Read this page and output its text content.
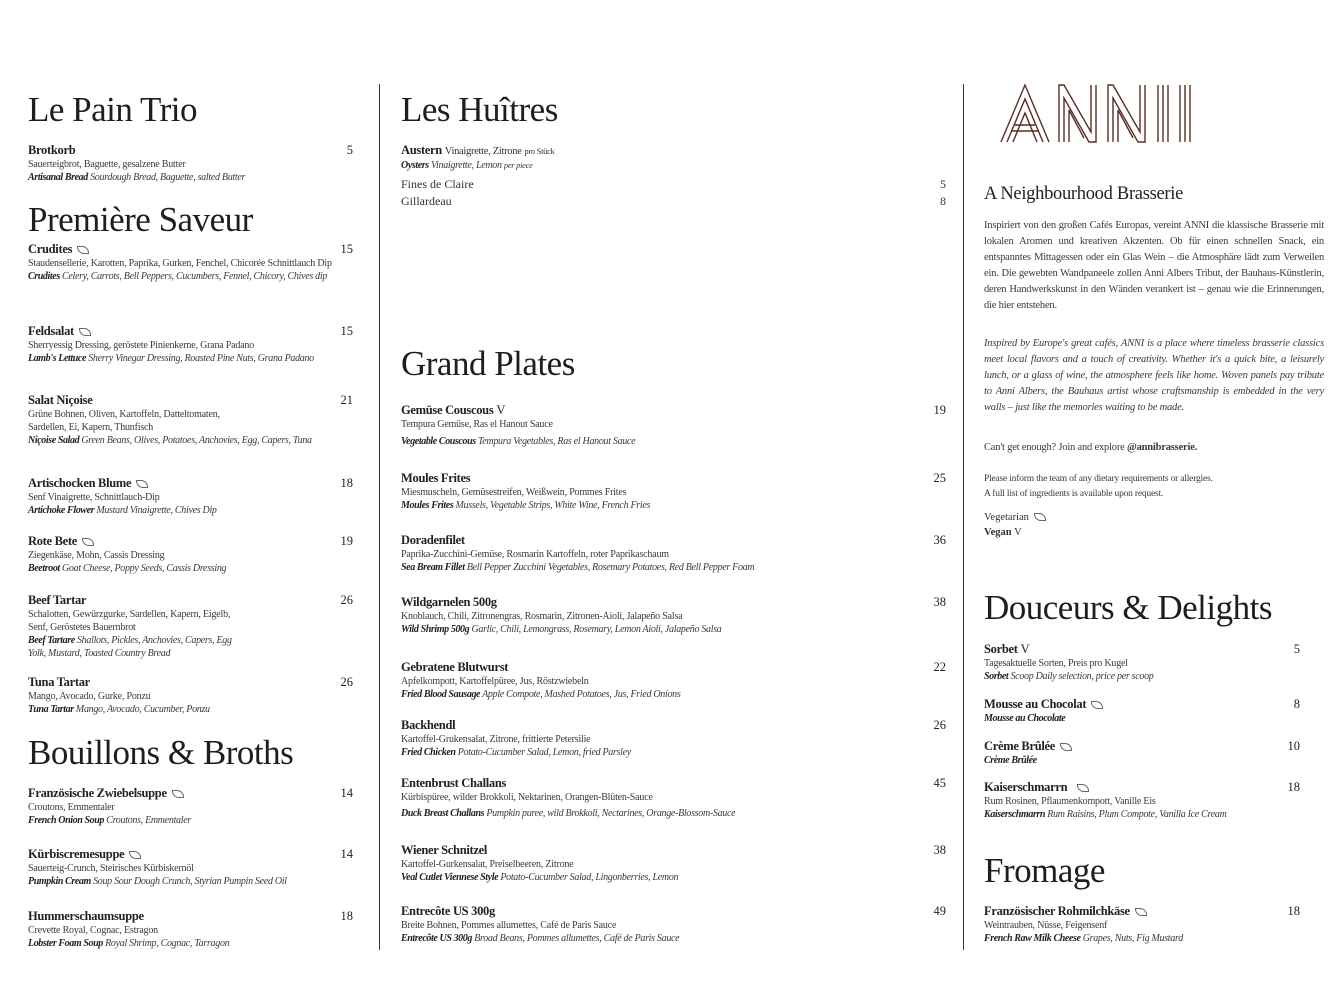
Le Pain Trio
Brotkorb	5
Sauerteigbrot, Baguette, gesalzene Butter
Artisanal Bread Sourdough Bread, Baguette, salted Butter
Première Saveur
Crudites	15
Staudensellerie, Karotten, Paprika, Gurken, Fenchel, Chicorée Schnittlauch Dip
Crudites Celery, Carrots, Bell Peppers, Cucumbers, Fennel, Chicory, Chives dip
Feldsalat	15
Sherryessig Dressing, geröstete Pinienkerne, Grana Padano
Lamb's Lettuce Sherry Vinegar Dressing, Roasted Pine Nuts, Grana Padano
Salat Niçoise	21
Grüne Bohnen, Oliven, Kartoffeln, Datteltomaten, Sardellen, Ei, Kapern, Thunfisch
Niçoise Salad Green Beans, Olives, Potatoes, Anchovies, Egg, Capers, Tuna
Artischocken Blume	18
Senf Vinaigrette, Schnittlauch-Dip
Artichoke Flower Mustard Vinaigrette, Chives Dip
Rote Bete	19
Ziegenkäse, Mohn, Cassis Dressing
Beetroot Goat Cheese, Poppy Seeds, Cassis Dressing
Beef Tartar	26
Schalotten, Gewürzgurke, Sardellen, Kapern, Eigelb, Senf, Geröstetes Bauernbrot
Beef Tartare Shallots, Pickles, Anchovies, Capers, Egg Yolk, Mustard, Toasted Country Bread
Tuna Tartar	26
Mango, Avocado, Gurke, Ponzu
Tuna Tartar Mango, Avocado, Cucumber, Ponzu
Bouillons & Broths
Französische Zwiebelsuppe	14
Croutons, Emmentaler
French Onion Soup Croutons, Emmentaler
Kürbiscremesuppe	14
Sauerteig-Crunch, Steirisches Kürbiskernöl
Pumpkin Cream Soup Sour Dough Crunch, Styrian Pumpin Seed Oil
Hummerschaumsuppe	18
Crevette Royal, Cognac, Estragon
Lobster Foam Soup Royal Shrimp, Cognac, Tarragon
Les Huîtres
Austern Vinaigrette, Zitrone pro Stück
Oysters Vinaigrette, Lemon per piece
Fines de Claire	5
Gillardeau	8
Grand Plates
Gemüse Couscous V	19
Tempura Gemüse, Ras el Hanout Sauce
Vegetable Couscous Tempura Vegetables, Ras el Hanout Sauce
Moules Frites	25
Miesmuscheln, Gemüsestreifen, Weißwein, Pommes Frites
Moules Frites Mussels, Vegetable Strips, White Wine, French Fries
Doradenfilet	36
Paprika-Zucchini-Gemüse, Rosmarin Kartoffeln, roter Paprikaschaum
Sea Bream Fillet Bell Pepper Zucchini Vegetables, Rosemary Potatoes, Red Bell Pepper Foam
Wildgarnelen 500g	38
Knoblauch, Chili, Zitronengras, Rosmarin, Zitronen-Aioli, Jalapeño Salsa
Wild Shrimp 500g Garlic, Chili, Lemongrass, Rosemary, Lemon Aioli, Jalapeño Salsa
Gebratene Blutwurst	22
Apfelkompott, Kartoffelpüree, Jus, Röstzwiebeln
Fried Blood Sausage Apple Compote, Mashed Potatoes, Jus, Fried Onions
Backhendl	26
Kartoffel-Grukensalat, Zitrone, frittierte Petersilie
Fried Chicken Potato-Cucumber Salad, Lemon, fried Parsley
Entenbrust Challans	45
Kürbispüree, wilder Brokkoli, Nektarinen, Orangen-Blüten-Sauce
Duck Breast Challans Pumpkin puree, wild Brokkoli, Nectarines, Orange-Blossom-Sauce
Wiener Schnitzel	38
Kartoffel-Gurkensalat, Preiselbeeren, Zitrone
Veal Cutlet Viennese Style Potato-Cucumber Salad, Lingonberries, Lemon
Entrecôte US 300g	49
Breite Bohnen, Pommes allumettes, Café de Paris Sauce
Entrecôte US 300g Broad Beans, Pommes allumettes, Café de Paris Sauce
A Neighbourhood Brasserie

Inspiriert von den großen Cafés Europas, vereint ANNI die klassische Brasserie mit lokalen Aromen und kreativen Akzenten. Ob für einen schnellen Snack, ein entspanntes Mittagessen oder ein Glas Wein – die Atmosphäre lädt zum Verweilen ein. Die gewebten Wandpaneele zollen Anni Albers Tribut, der Bauhaus-Künstlerin, deren Handwerkskunst in den Wänden verankert ist – genau wie die Erinnerungen, die hier entstehen.

Inspired by Europe's great cafés, ANNI is a place where timeless brasserie classics meet local flavors and a touch of creativity. Whether it's a quick bite, a leisurely lunch, or a glass of wine, the atmosphere feels like home. Woven panels pay tribute to Anni Albers, the Bauhaus artist whose craftsmanship is embedded in the very walls – just like the memories waiting to be made.

Can't get enough? Join and explore @annibrasserie.
Please inform the team of any dietary requirements or allergies.
A full list of ingredients is available upon request.
Vegetarian
Vegan V
Douceurs & Delights
Sorbet V	5
Tagesaktuelle Sorten, Preis pro Kugel
Sorbet Scoop Daily selection, price per scoop
Mousse au Chocolat	8
Mousse au Chocolate
Crème Brûlée	10
Crème Brûlée
Kaiserschmarrn	18
Rum Rosinen, Pflaumenkompott, Vanille Eis
Kaiserschmarrn Rum Raisins, Plum Compote, Vanilla Ice Cream
Fromage
Französischer Rohmilchkäse	18
Weintrauben, Nüsse, Feigensenf
French Raw Milk Cheese Grapes, Nuts, Fig Mustard
